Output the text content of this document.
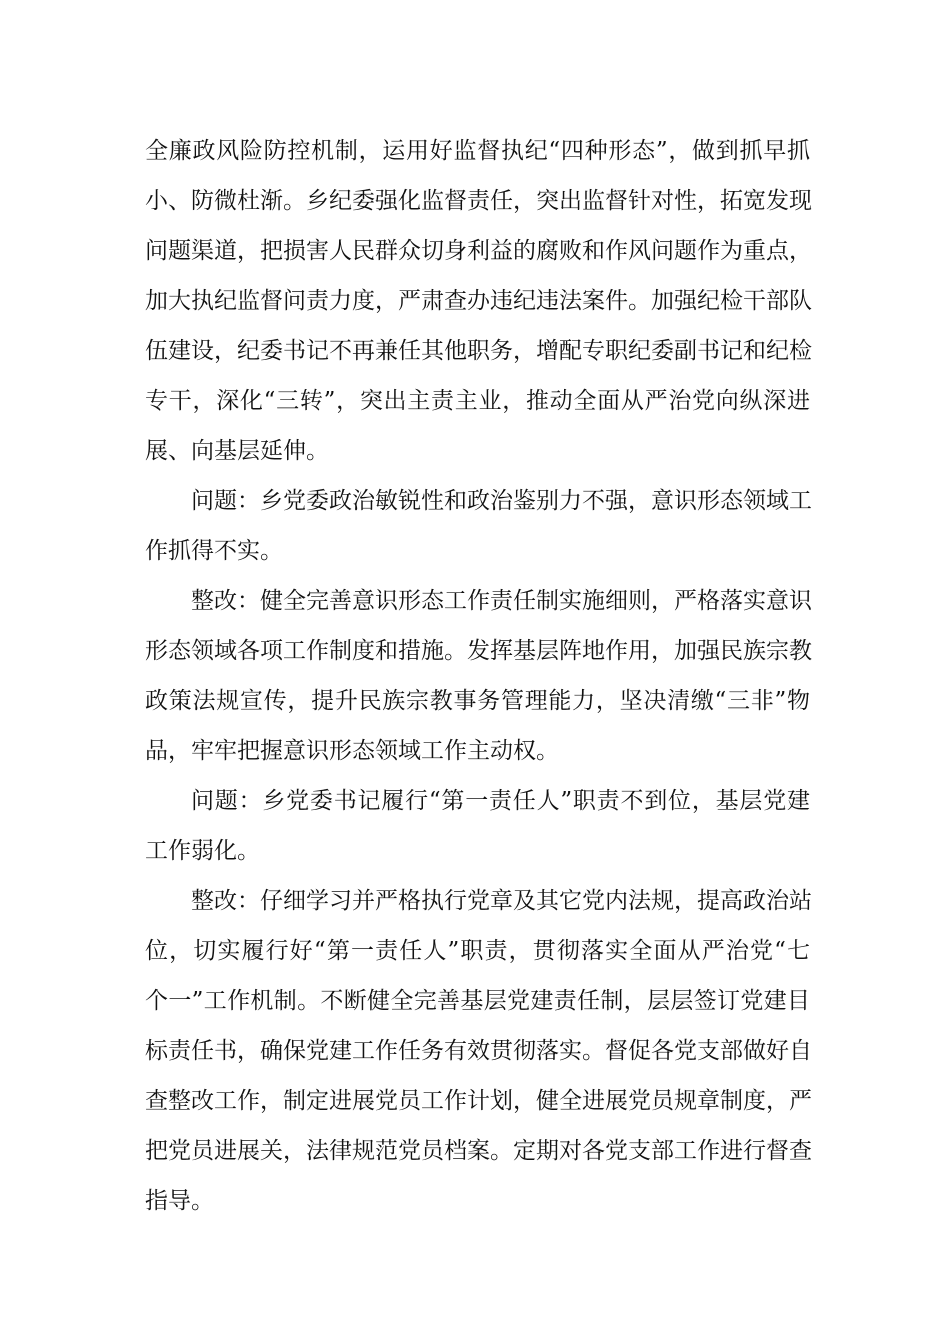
全廉政风险防控机制，运用好监督执纪“四种形态”，做到抓早抓
小、防微杜渐。乡纪委强化监督责任，突出监督针对性，拓宽发现
问题渠道，把损害人民群众切身利益的腐败和作风问题作为重点，
加大执纪监督问责力度，严肃查办违纪违法案件。加强纪检干部队
伍建设，纪委书记不再兼任其他职务，增配专职纪委副书记和纪检
专干，深化“三转”，突出主责主业，推动全面从严治党向纵深进
展、向基层延伸。
问题：乡党委政治敏锐性和政治鉴别力不强，意识形态领域工
作抓得不实。
整改：健全完善意识形态工作责任制实施细则，严格落实意识
形态领域各项工作制度和措施。发挥基层阵地作用，加强民族宗教
政策法规宣传，提升民族宗教事务管理能力，坚决清缴“三非”物
品，牢牢把握意识形态领域工作主动权。
问题：乡党委书记履行“第一责任人”职责不到位，基层党建
工作弱化。
整改：仔细学习并严格执行党章及其它党内法规，提高政治站
位，切实履行好“第一责任人”职责，贯彻落实全面从严治党“七
个一”工作机制。不断健全完善基层党建责任制，层层签订党建目
标责任书，确保党建工作任务有效贯彻落实。督促各党支部做好自
查整改工作，制定进展党员工作计划，健全进展党员规章制度，严
把党员进展关，法律规范党员档案。定期对各党支部工作进行督查
指导。
